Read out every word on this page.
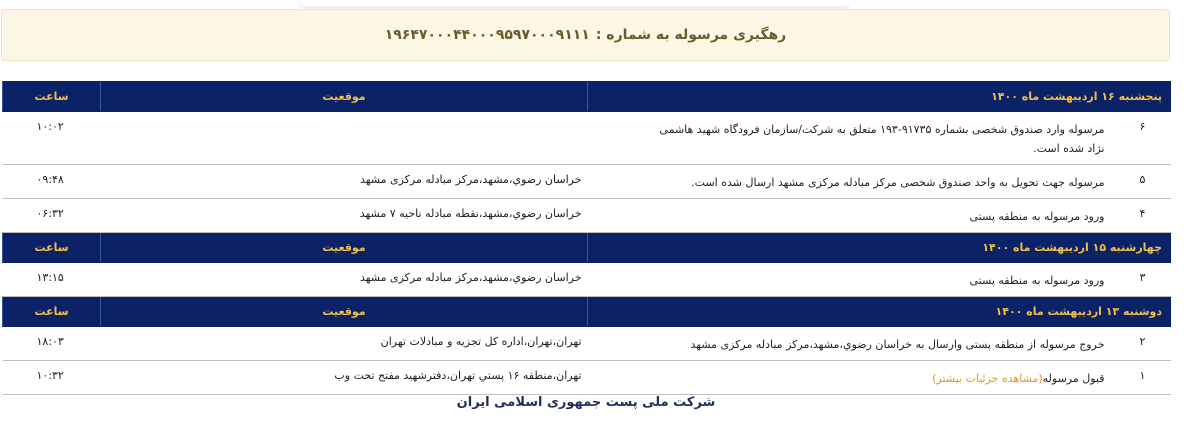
رهگیری مرسوله به شماره :
۱۹۶۴۷۰۰۰۴۴۰۰۰۹۵۹۷۰۰۰۹۱۱۱
پنجشنبه ۱۶ اردیبهشت ماه ۱۴۰۰	موقعیت	ساعت
۶مرسوله وارد صندوق شخصی بشماره ۹۱۷۳۵-۱۹۳ متعلق به شرکت/سازمان فرودگاه شهید هاشمی نژاد شده است.		۱۰:۰۲
۵مرسوله جهت تحویل به واحد صندوق شخصی مرکز مبادله مرکزی مشهد ارسال شده است.	خراسان رضوي،مشهد،مرکز مبادله مرکزی مشهد	۰۹:۴۸
۴ورود مرسوله به منطقه پستی	خراسان رضوي،مشهد،نقطه مبادله ناحیه ۷ مشهد	۰۶:۳۲
چهارشنبه ۱۵ اردیبهشت ماه ۱۴۰۰	موقعیت	ساعت
۳ورود مرسوله به منطقه پستی	خراسان رضوي،مشهد،مرکز مبادله مرکزی مشهد	۱۳:۱۵
دوشنبه ۱۳ اردیبهشت ماه ۱۴۰۰	موقعیت	ساعت
۲خروج مرسوله از منطقه پستی وارسال به خراسان رضوي،مشهد،مرکز مبادله مرکزی مشهد	تهران،تهران،اداره کل تجزیه و مبادلات تهران	۱۸:۰۳
۱قبول مرسوله(مشاهده جزئیات بیشتر)	تهران،منطقه ۱۶ پستي تهران،دفترشهيد مفتح تحت وب	۱۰:۳۲
شرکت ملی پست جمهوری اسلامی ایران
